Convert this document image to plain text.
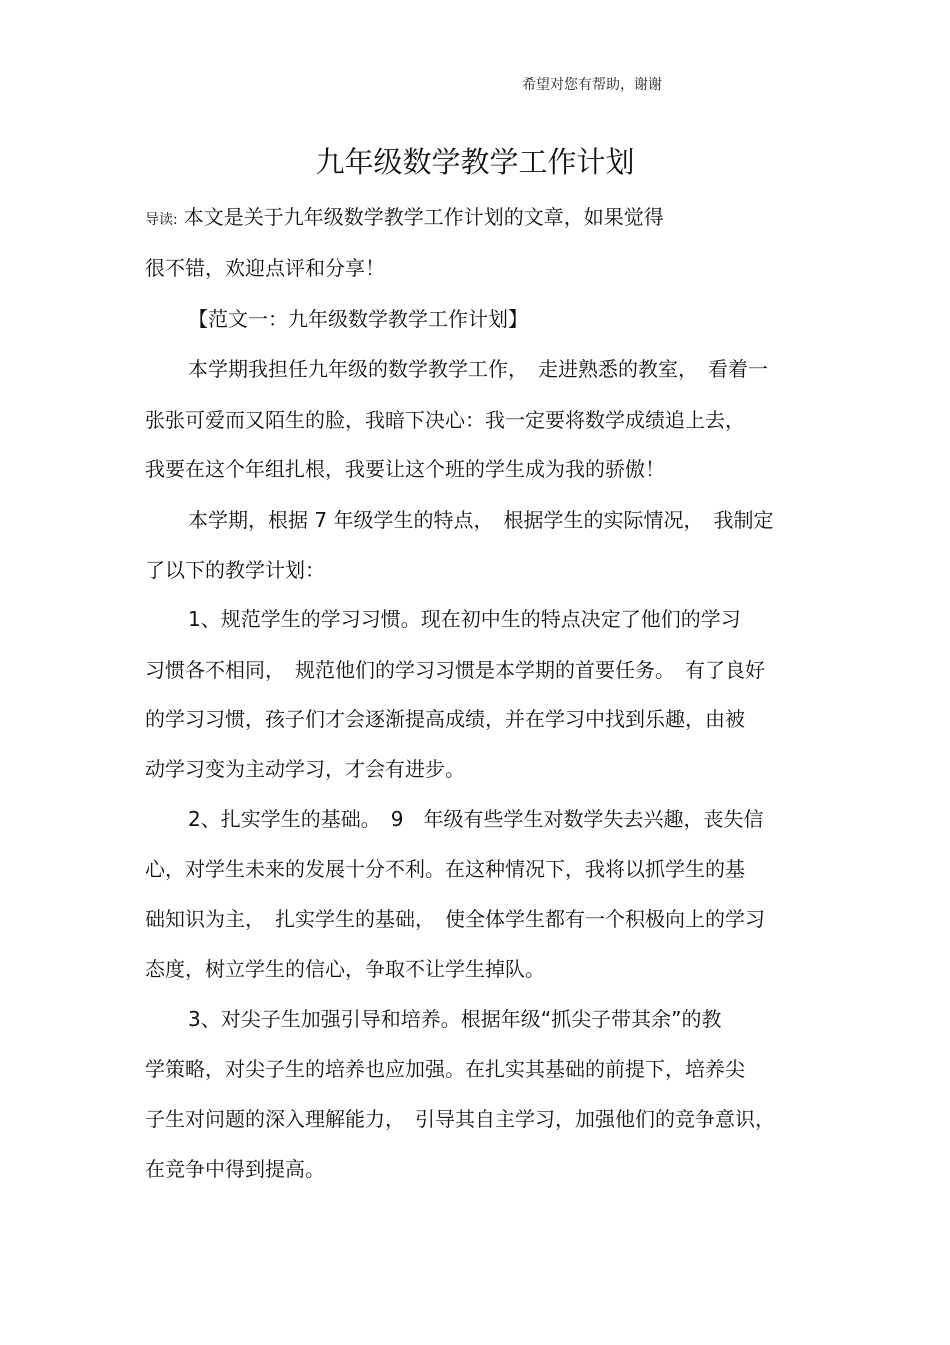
希望对您有帮助，谢谢
九年级数学教学工作计划
导读: 本文是关于九年级数学教学工作计划的文章，如果觉得
很不错，欢迎点评和分享！
【范文一：九年级数学教学工作计划】
本学期我担任九年级的数学教学工作，　走进熟悉的教室，　看着一
张张可爱而又陌生的脸，我暗下决心：我一定要将数学成绩追上去，
我要在这个年组扎根，我要让这个班的学生成为我的骄傲！
本学期，根据 7 年级学生的特点，　根据学生的实际情况，　我制定
了以下的教学计划：
1、规范学生的学习习惯。现在初中生的特点决定了他们的学习
习惯各不相同，　规范他们的学习习惯是本学期的首要任务。　有了良好
的学习习惯，孩子们才会逐渐提高成绩，并在学习中找到乐趣，由被
动学习变为主动学习，才会有进步。
2、扎实学生的基础。　9　年级有些学生对数学失去兴趣，丧失信
心，对学生未来的发展十分不利。在这种情况下，我将以抓学生的基
础知识为主，　扎实学生的基础，　使全体学生都有一个积极向上的学习
态度，树立学生的信心，争取不让学生掉队。
3、对尖子生加强引导和培养。根据年级“抓尖子带其余”的教
学策略，对尖子生的培养也应加强。在扎实其基础的前提下，培养尖
子生对问题的深入理解能力，　引导其自主学习，加强他们的竞争意识，
在竞争中得到提高。
